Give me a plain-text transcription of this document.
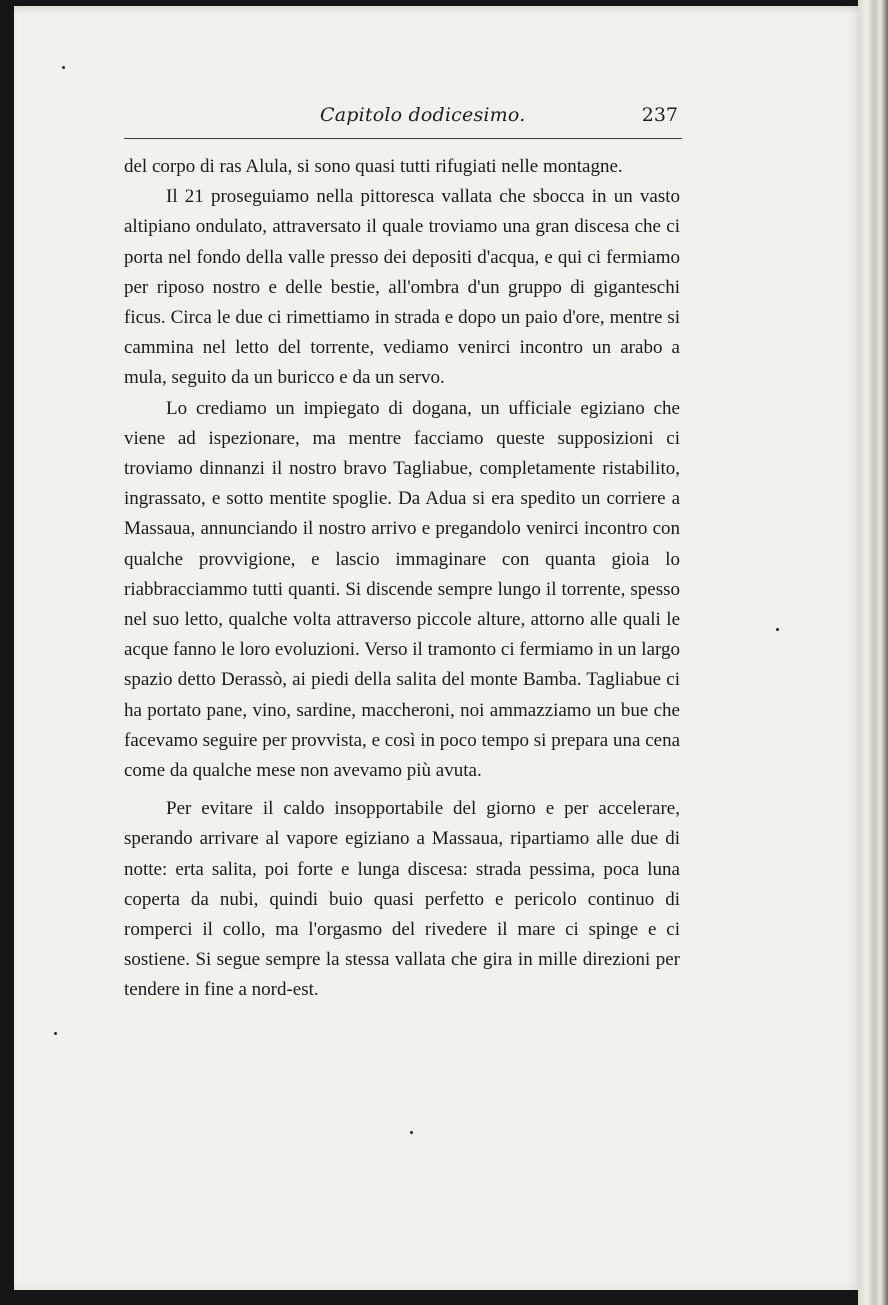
Capitolo dodicesimo.	237

del corpo di ras Alula, si sono quasi tutti rifugiati nelle montagne.

Il 21 proseguiamo nella pittoresca vallata che sbocca in un vasto altipiano ondulato, attraversato il quale troviamo una gran discesa che ci porta nel fondo della valle presso dei depositi d'acqua, e qui ci fermiamo per riposo nostro e delle bestie, all'ombra d'un gruppo di giganteschi ficus. Circa le due ci rimettiamo in strada e dopo un paio d'ore, mentre si cammina nel letto del torrente, vediamo venirci incontro un arabo a mula, seguito da un buricco e da un servo.

Lo crediamo un impiegato di dogana, un ufficiale egiziano che viene ad ispezionare, ma mentre facciamo queste supposizioni ci troviamo dinnanzi il nostro bravo Tagliabue, completamente ristabilito, ingrassato, e sotto mentite spoglie. Da Adua si era spedito un corriere a Massaua, annunciando il nostro arrivo e pregandolo venirci incontro con qualche provvigione, e lascio immaginare con quanta gioia lo riabbracciammo tutti quanti. Si discende sempre lungo il torrente, spesso nel suo letto, qualche volta attraverso piccole alture, attorno alle quali le acque fanno le loro evoluzioni. Verso il tramonto ci fermiamo in un largo spazio detto Derassò, ai piedi della salita del monte Bamba. Tagliabue ci ha portato pane, vino, sardine, maccheroni, noi ammazziamo un bue che facevamo seguire per provvista, e così in poco tempo si prepara una cena come da qualche mese non avevamo più avuta.

Per evitare il caldo insopportabile del giorno e per accelerare, sperando arrivare al vapore egiziano a Massaua, ripartiamo alle due di notte: erta salita, poi forte e lunga discesa: strada pessima, poca luna coperta da nubi, quindi buio quasi perfetto e pericolo continuo di romperci il collo, ma l'orgasmo del rivedere il mare ci spinge e ci sostiene. Si segue sempre la stessa vallata che gira in mille direzioni per tendere in fine a nord-est.
